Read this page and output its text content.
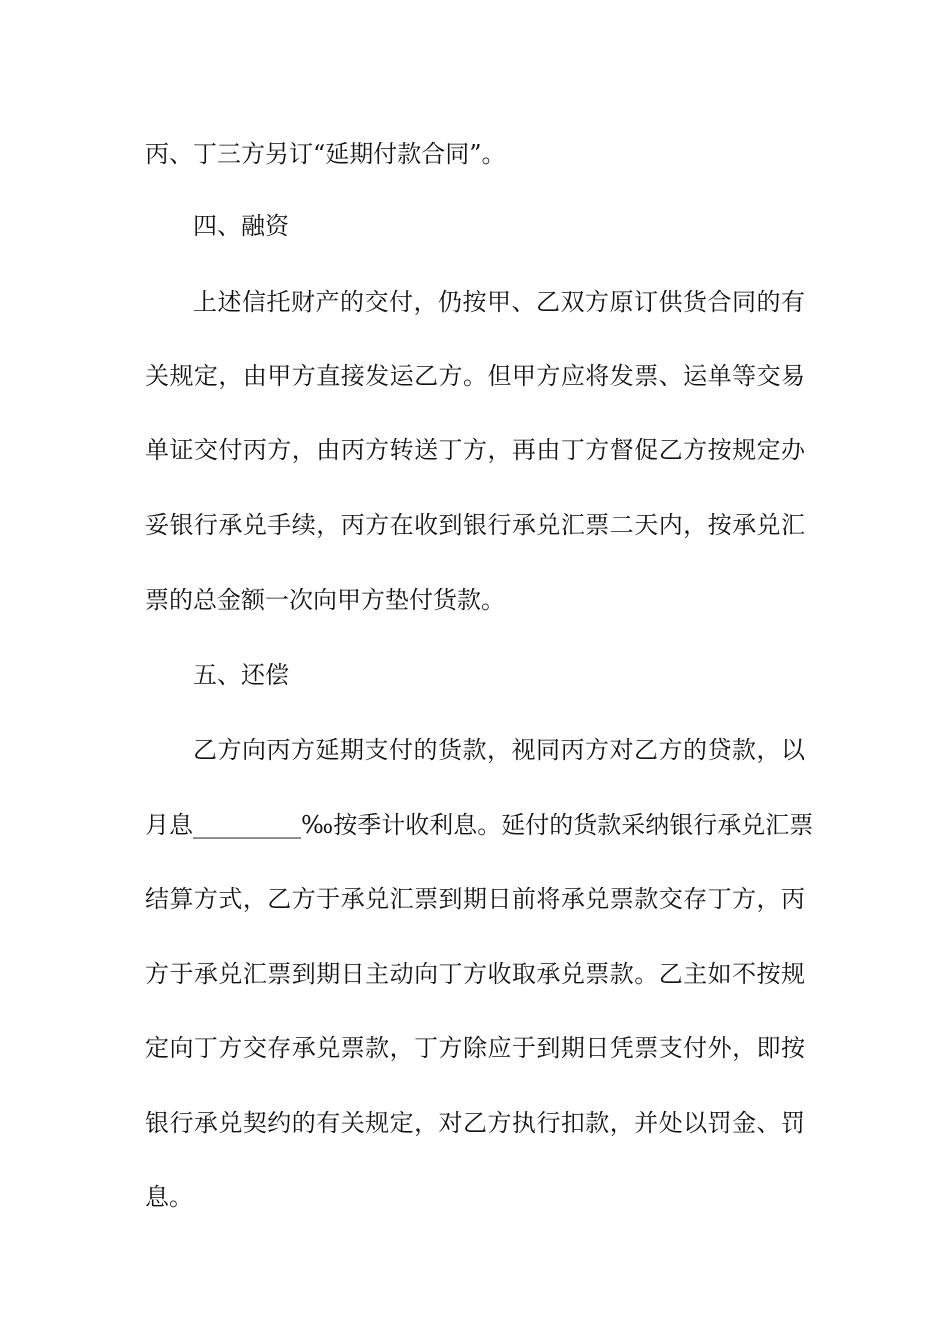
丙、丁三方另订“延期付款合同”。
四、融资
上述信托财产的交付，仍按甲、乙双方原订供货合同的有
关规定，由甲方直接发运乙方。但甲方应将发票、运单等交易
单证交付丙方，由丙方转送丁方，再由丁方督促乙方按规定办
妥银行承兑手续，丙方在收到银行承兑汇票二天内，按承兑汇
票的总金额一次向甲方垫付货款。
五、还偿
乙方向丙方延期支付的货款，视同丙方对乙方的贷款，以
月息_________‰按季计收利息。延付的货款采纳银行承兑汇票
结算方式，乙方于承兑汇票到期日前将承兑票款交存丁方，丙
方于承兑汇票到期日主动向丁方收取承兑票款。乙主如不按规
定向丁方交存承兑票款，丁方除应于到期日凭票支付外，即按
银行承兑契约的有关规定，对乙方执行扣款，并处以罚金、罚
息。
